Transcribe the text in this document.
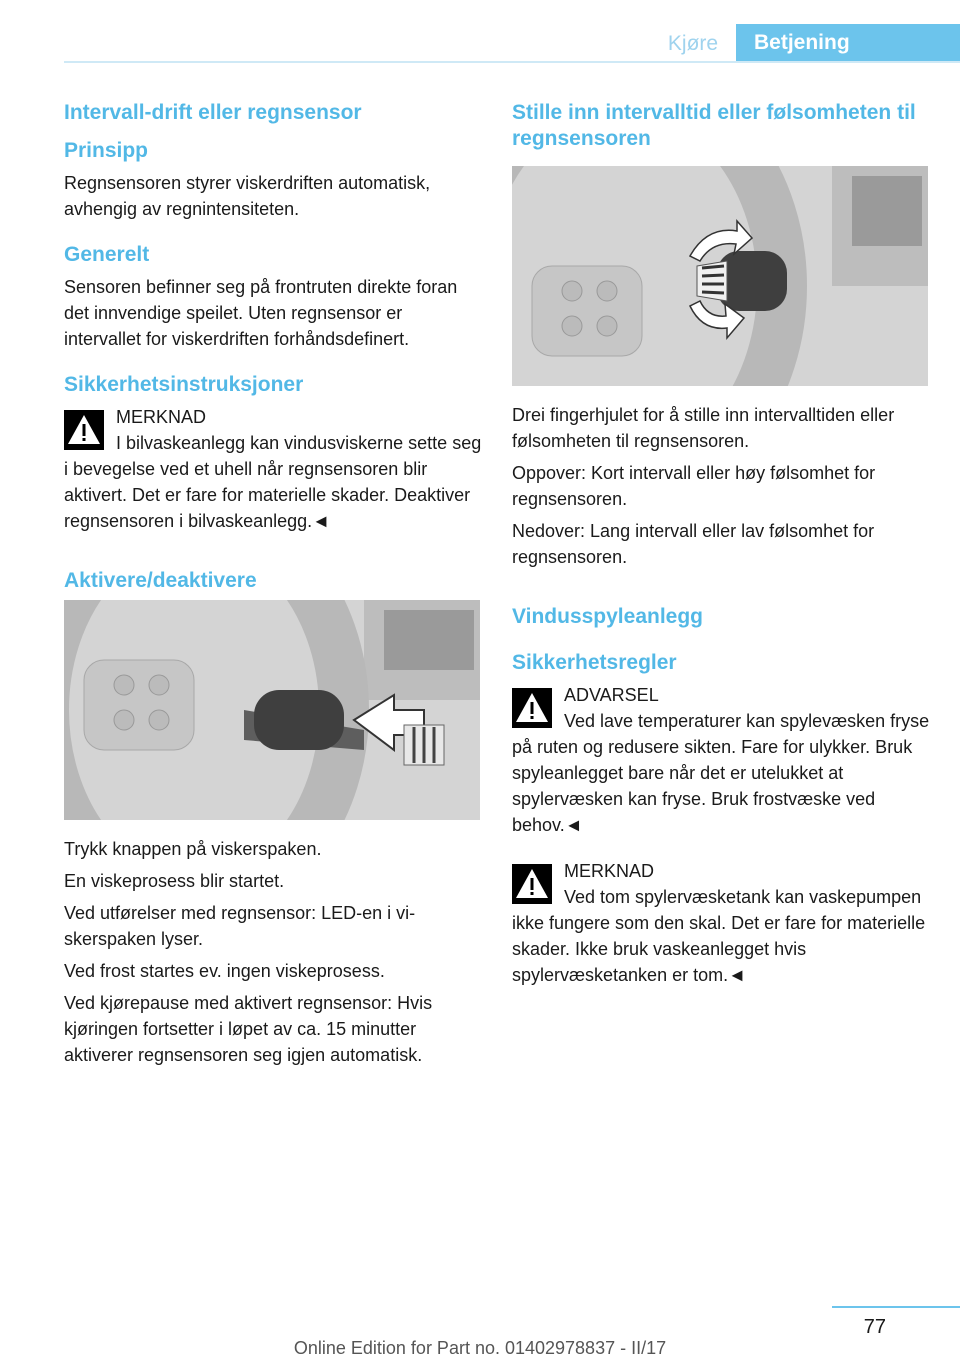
Kjøre	Betjening
Intervall-drift eller regnsensor
Prinsipp

Regnsensoren styrer viskerdriften automatisk, avhengig av regnintensiteten.

Generelt

Sensoren befinner seg på frontruten direkte foran det innvendige speilet. Uten regnsensor er intervallet for viskerdriften forhåndsdefinert.

Sikkerhetsinstruksjoner
MERKNAD

I bilvaskeanlegg kan vindusviskerne sette seg i bevegelse ved et uhell når regnsensoren blir aktivert. Det er fare for materielle skader. Deaktiver regnsensoren i bilvaskeanlegg.◄

Aktivere/deaktivere

Trykk knappen på viskerspaken.

En viskeprosess blir startet.

Ved utførelser med regnsensor: LED-en i viskerspaken lyser.

Ved frost startes ev. ingen viskeprosess.

Ved kjørepause med aktivert regnsensor: Hvis kjøringen fortsetter i løpet av ca. 15 minutter aktiverer regnsensoren seg igjen automatisk.

Stille inn intervalltid eller følsomheten til regnsensoren

Drei fingerhjulet for å stille inn intervalltiden eller følsomheten til regnsensoren.

Oppover: Kort intervall eller høy følsomhet for regnsensoren.

Nedover: Lang intervall eller lav følsomhet for regnsensoren.

Vindusspyleanlegg
Sikkerhetsregler
ADVARSEL

Ved lave temperaturer kan spylevæsken fryse på ruten og redusere sikten. Fare for ulykker. Bruk spyleanlegget bare når det er utelukket at spylervæsken kan fryse. Bruk frostvæske ved behov.◄

MERKNAD

Ved tom spylervæsketank kan vaskepumpen ikke fungere som den skal. Det er fare for materielle skader. Ikke bruk vaskeanlegget hvis spylervæsketanken er tom.◄

77
Online Edition for Part no. 01402978837 - II/17
